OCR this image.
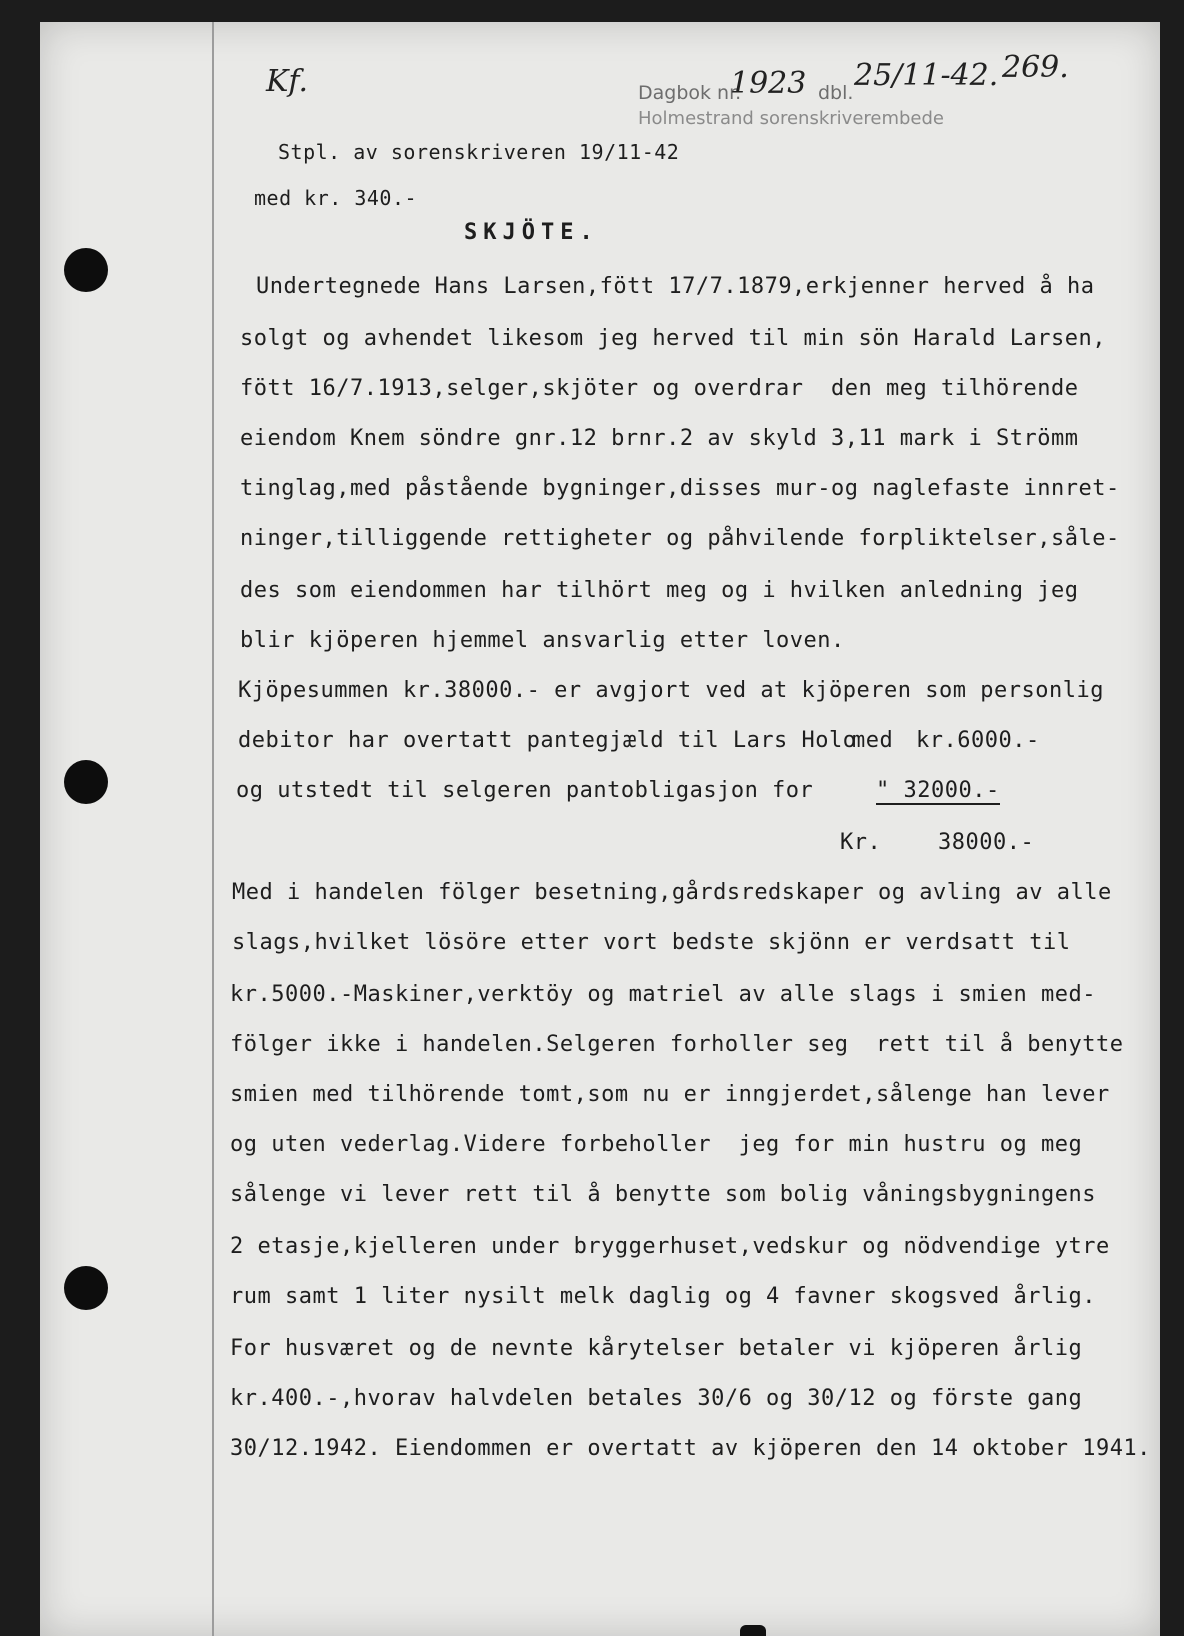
Kf.	Dagbok nr.
1923 dbl. 25/11-42. 269.
Holmestrand sorenskriverembede
Stpl. av sorenskriveren 19/11-42
med kr. 340.-
SKJÖTE.
Undertegnede Hans Larsen,fött 17/7.1879,erkjenner herved å ha
solgt og avhendet likesom jeg herved til min sön Harald Larsen,
fött 16/7.1913,selger,skjöter og overdrar  den meg tilhörende
eiendom Knem söndre gnr.12 brnr.2 av skyld 3,11 mark i Strömm
tinglag,med påstående bygninger,disses mur-og naglefaste innret-
ninger,tilliggende rettigheter og påhvilende forpliktelser,såle-
des som eiendommen har tilhört meg og i hvilken anledning jeg
blir kjöperen hjemmel ansvarlig etter loven.
Kjöpesummen kr.38000.- er avgjort ved at kjöperen som personlig
debitor har overtatt pantegjæld til Lars Holo
med kr.6000.-
og utstedt til selgeren pantobligasjon for	" 32000.-
Kr.	38000.-
Med i handelen fölger besetning,gårdsredskaper og avling av alle
slags,hvilket lösöre etter vort bedste skjönn er verdsatt til
kr.5000.-Maskiner,verktöy og matriel av alle slags i smien med-
fölger ikke i handelen.Selgeren forholler seg  rett til å benytte
smien med tilhörende tomt,som nu er inngjerdet,sålenge han lever
og uten vederlag.Videre forbeholler  jeg for min hustru og meg
sålenge vi lever rett til å benytte som bolig våningsbygningens
2 etasje,kjelleren under bryggerhuset,vedskur og nödvendige ytre
rum samt 1 liter nysilt melk daglig og 4 favner skogsved årlig.
For husværet og de nevnte kårytelser betaler vi kjöperen årlig
kr.400.-,hvorav halvdelen betales 30/6 og 30/12 og förste gang
30/12.1942. Eiendommen er overtatt av kjöperen den 14 oktober 1941.
